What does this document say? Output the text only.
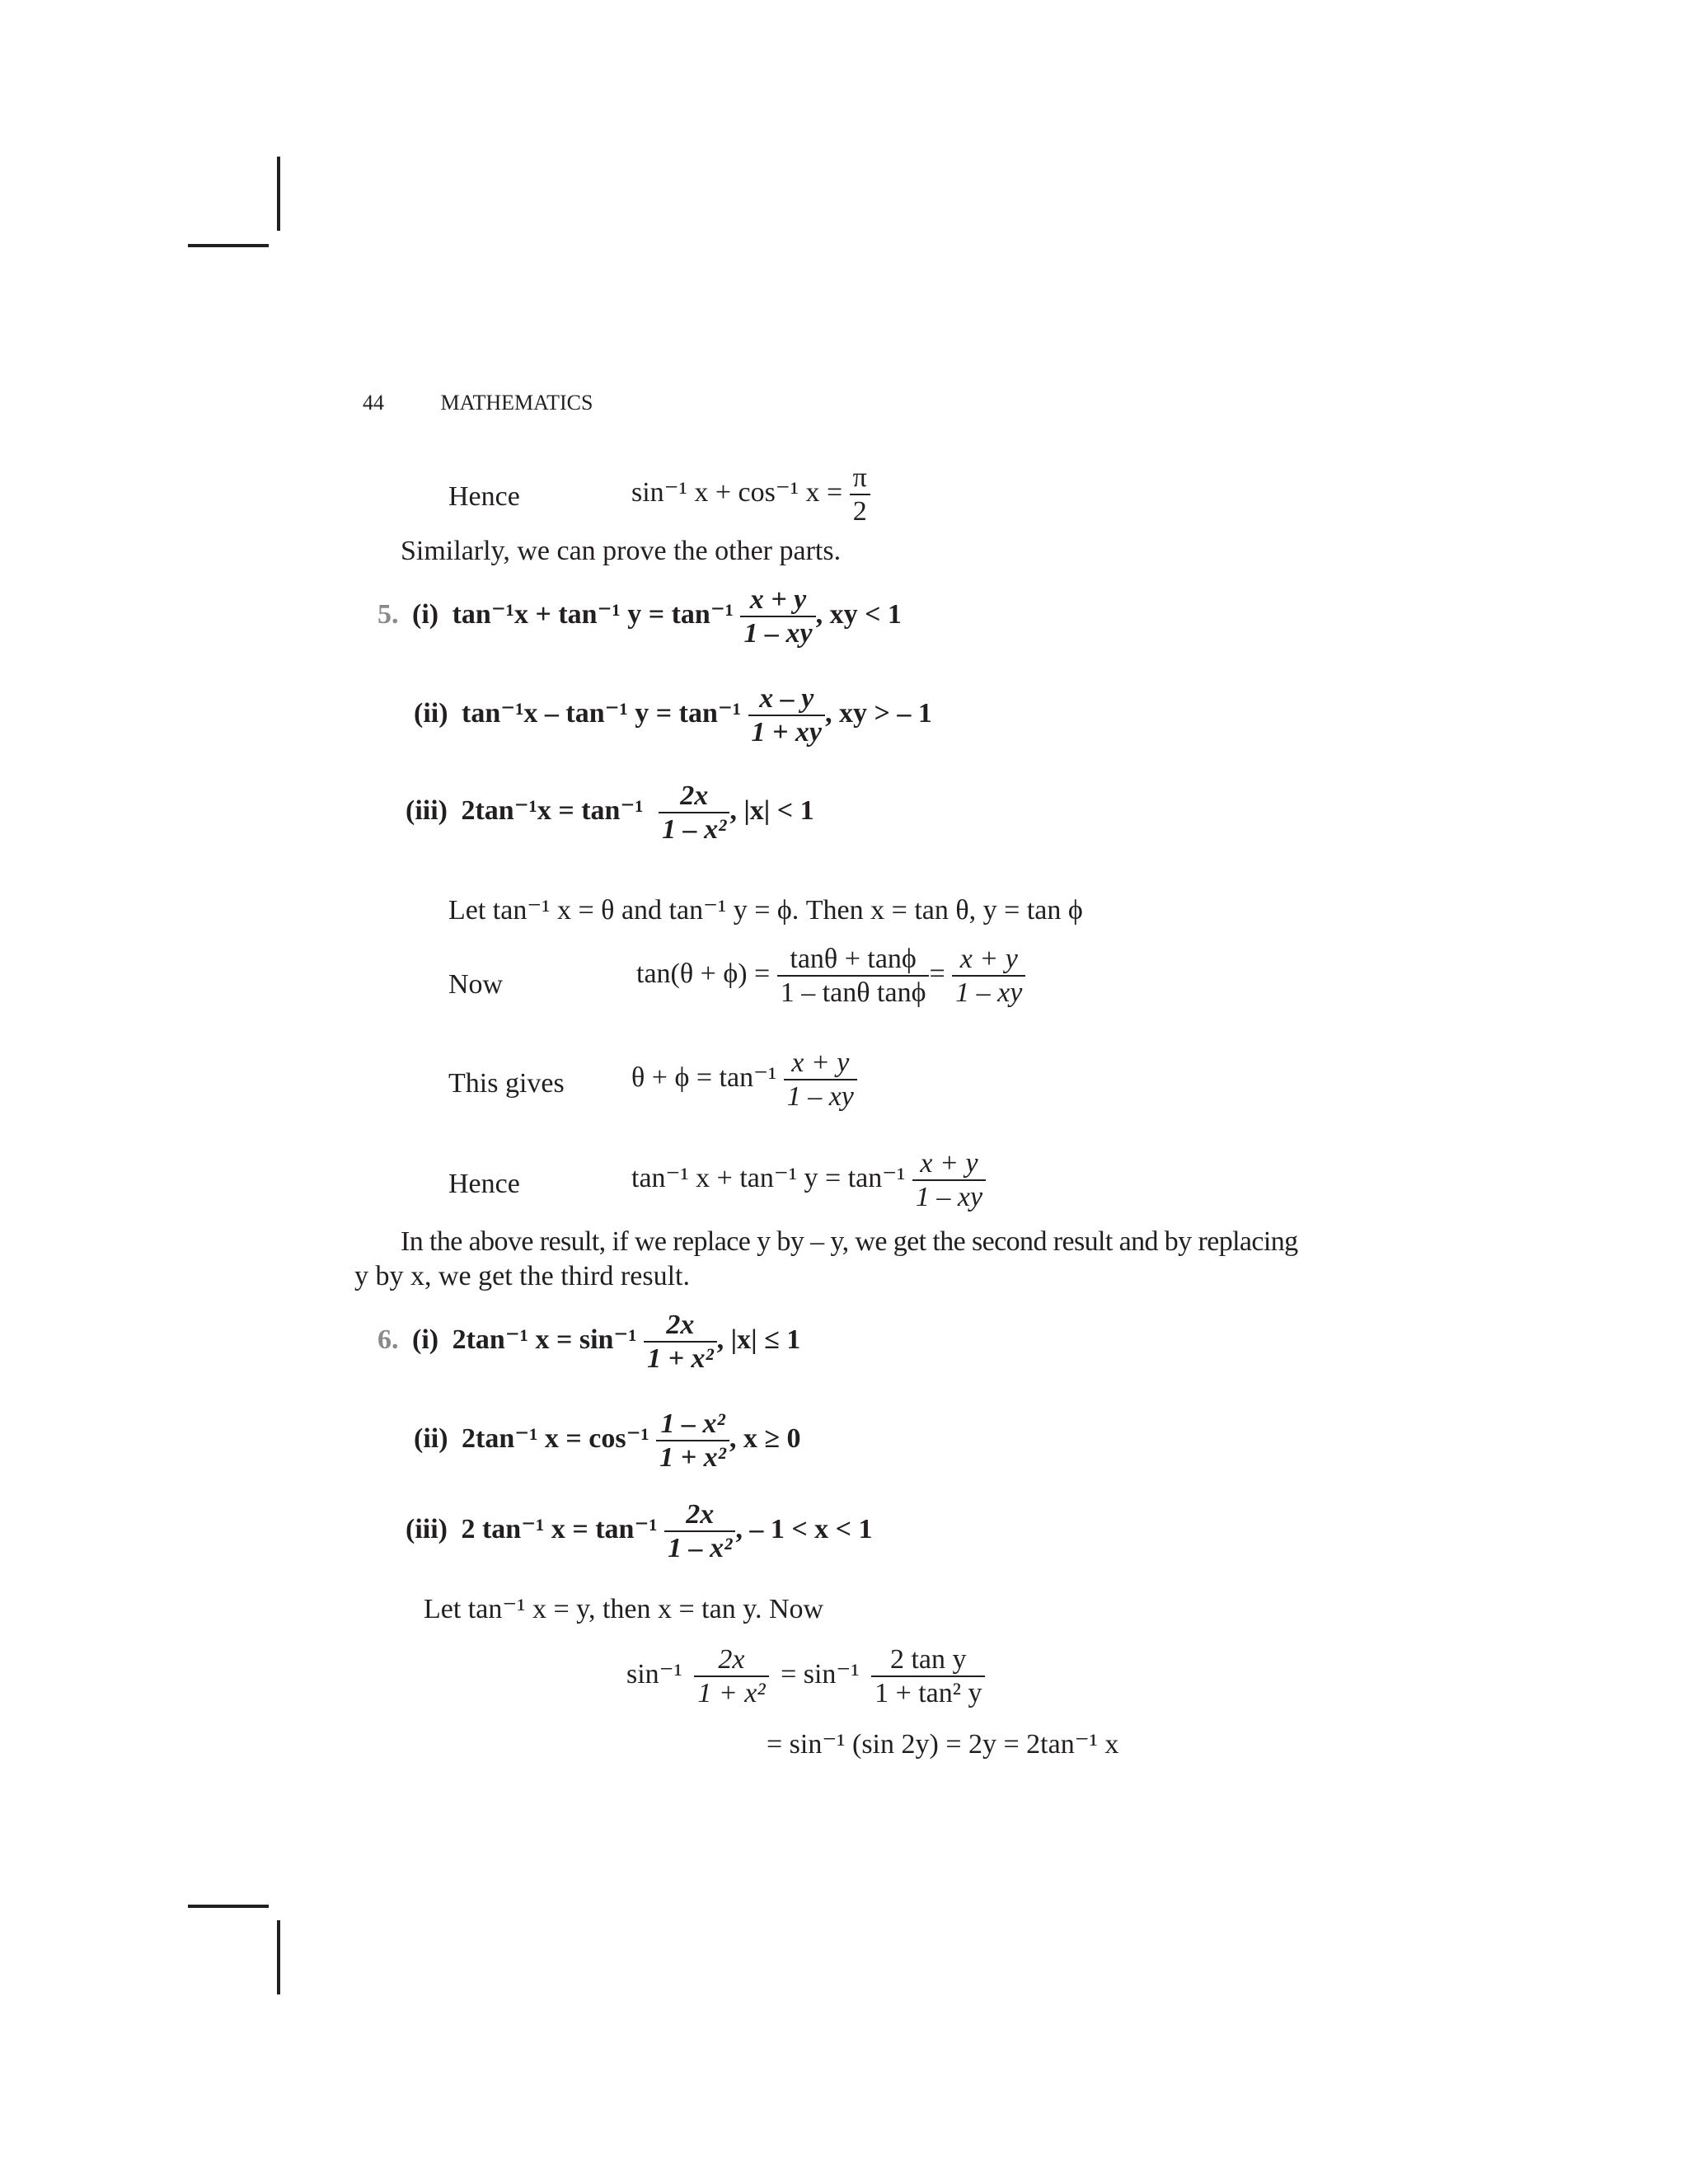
44	MATHEMATICS
Hence	sin⁻¹ x + cos⁻¹ $x = \frac{\pi}{2}$
Similarly, we can prove the other parts.
5. (i) tan⁻¹x + tan⁻¹ $y = \tan^{-1} \frac{x + y}{1 - xy}$ , xy < 1
(ii) tan⁻¹x – tan⁻¹ $y = \tan^{-1} \frac{x - y}{1 + xy}$ , xy > – 1
(iii) $2\tan^{-1}x = \tan^{-1} \frac{2x}{\text{1 – x²}}$ , |x| < 1
Let tan⁻¹ x = θ and tan⁻¹ y = ϕ. Then x = tan θ, y = tan ϕ
Now	$\tan(\theta + \phi) = \frac{\tan\theta + \tan\phi}{\text{1 – tanθ tanϕ}} = \frac{x + y}{1 - xy}$
This gives $\theta + \phi = \tan^{-1} \frac{x + y}{1 - xy}$
Hence	tan⁻¹ x + tan⁻¹ $y = \tan^{-1} \frac{x + y}{1 - xy}$
In the above result, if we replace y by – y, we get the second result and by replacing
y by x, we get the third result.
6. (i) 2tan⁻¹ $x = \sin^{-1} \frac{2x}{\text{1 + x²}}$ , |x| ≤ 1
(ii) 2tan⁻¹ $x = \cos^{-1} \frac{\text{1 – x²}}{\text{1 + x²}}$ , x ≥ 0
(iii) 2 tan⁻¹ $x = \tan^{-1} \frac{2x}{\text{1 – x²}}$ , – 1 < x < 1
Let tan⁻¹ x = y, then x = tan y. Now
$\sin^{-1} \frac{2x}{\text{1 + x²}} = \sin^{-1} \frac{\text{2 tan y}}{\text{1 + tan² y}}$
= sin⁻¹ (sin 2y) = 2y = 2tan⁻¹ x
